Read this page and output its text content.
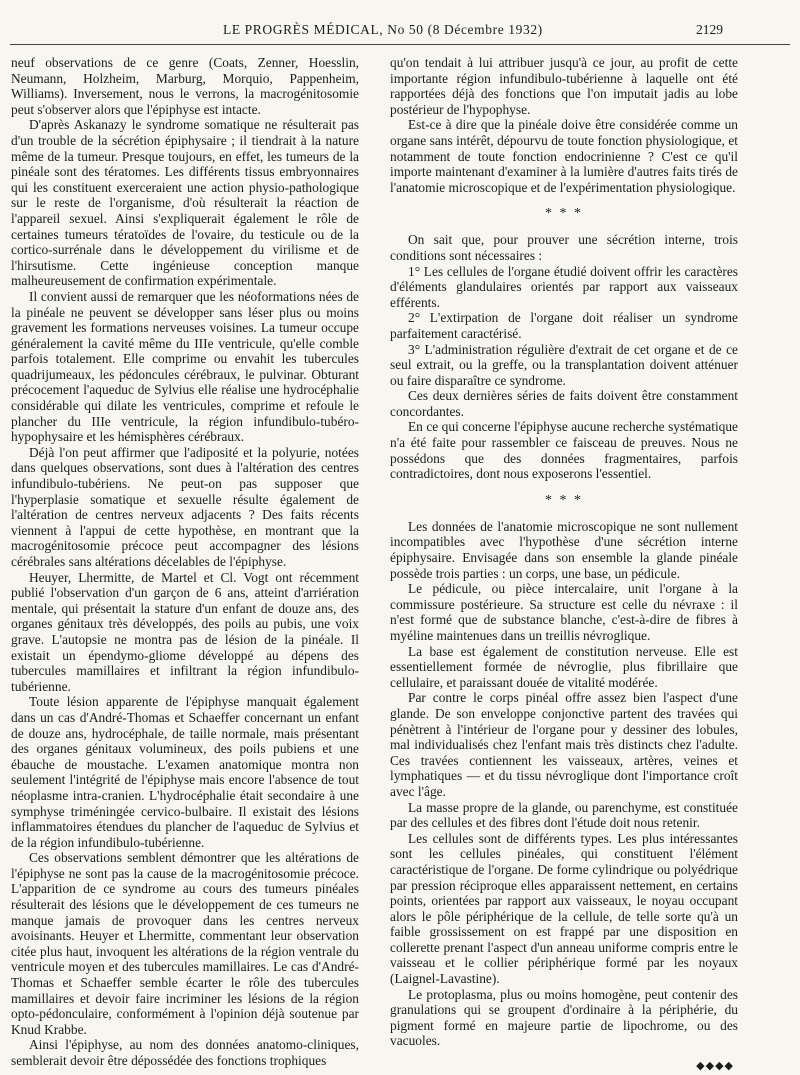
LE PROGRÈS MÉDICAL, No 50 (8 Décembre 1932)	2129

neuf observations de ce genre (Coats, Zenner, Hoesslin, Neumann, Holzheim, Marburg, Morquio, Pappenheim, Williams). Inversement, nous le verrons, la macrogénitosomie peut s'observer alors que l'épiphyse est intacte.

D'après Askanazy le syndrome somatique ne résulterait pas d'un trouble de la sécrétion épiphysaire ; il tiendrait à la nature même de la tumeur. Presque toujours, en effet, les tumeurs de la pinéale sont des tératomes. Les différents tissus embryonnaires qui les constituent exerceraient une action physio-pathologique sur le reste de l'organisme, d'où résulterait la réaction de l'appareil sexuel. Ainsi s'expliquerait également le rôle de certaines tumeurs tératoïdes de l'ovaire, du testicule ou de la cortico-surrénale dans le développement du virilisme et de l'hirsutisme. Cette ingénieuse conception manque malheureusement de confirmation expérimentale.

Il convient aussi de remarquer que les néoformations nées de la pinéale ne peuvent se développer sans léser plus ou moins gravement les formations nerveuses voisines. La tumeur occupe généralement la cavité même du IIIe ventricule, qu'elle comble parfois totalement. Elle comprime ou envahit les tubercules quadrijumeaux, les pédoncules cérébraux, le pulvinar. Obturant précocement l'aqueduc de Sylvius elle réalise une hydrocéphalie considérable qui dilate les ventricules, comprime et refoule le plancher du IIIe ventricule, la région infundibulo-tubéro-hypophysaire et les hémisphères cérébraux.

Déjà l'on peut affirmer que l'adiposité et la polyurie, notées dans quelques observations, sont dues à l'altération des centres infundibulo-tubériens. Ne peut-on pas supposer que l'hyperplasie somatique et sexuelle résulte également de l'altération de centres nerveux adjacents ? Des faits récents viennent à l'appui de cette hypothèse, en montrant que la macrogénitosomie précoce peut accompagner des lésions cérébrales sans altérations décelables de l'épiphyse.

Heuyer, Lhermitte, de Martel et Cl. Vogt ont récemment publié l'observation d'un garçon de 6 ans, atteint d'arriération mentale, qui présentait la stature d'un enfant de douze ans, des organes génitaux très développés, des poils au pubis, une voix grave. L'autopsie ne montra pas de lésion de la pinéale. Il existait un épendymo-gliome développé au dépens des tubercules mamillaires et infiltrant la région infundibulo-tubérienne.

Toute lésion apparente de l'épiphyse manquait également dans un cas d'André-Thomas et Schaeffer concernant un enfant de douze ans, hydrocéphale, de taille normale, mais présentant des organes génitaux volumineux, des poils pubiens et une ébauche de moustache. L'examen anatomique montra non seulement l'intégrité de l'épiphyse mais encore l'absence de tout néoplasme intra-cranien. L'hydrocéphalie était secondaire à une symphyse triméningée cervico-bulbaire. Il existait des lésions inflammatoires étendues du plancher de l'aqueduc de Sylvius et de la région infundibulo-tubérienne.

Ces observations semblent démontrer que les altérations de l'épiphyse ne sont pas la cause de la macrogénitosomie précoce. L'apparition de ce syndrome au cours des tumeurs pinéales résulterait des lésions que le développement de ces tumeurs ne manque jamais de provoquer dans les centres nerveux avoisinants. Heuyer et Lhermitte, commentant leur observation citée plus haut, invoquent les altérations de la région ventrale du ventricule moyen et des tubercules mamillaires. Le cas d'André-Thomas et Schaeffer semble écarter le rôle des tubercules mamillaires et devoir faire incriminer les lésions de la région opto-pédonculaire, conformément à l'opinion déjà soutenue par Knud Krabbe.

Ainsi l'épiphyse, au nom des données anatomo-cliniques, semblerait devoir être dépossédée des fonctions trophiques

qu'on tendait à lui attribuer jusqu'à ce jour, au profit de cette importante région infundibulo-tubérienne à laquelle ont été rapportées déjà des fonctions que l'on imputait jadis au lobe postérieur de l'hypophyse.

Est-ce à dire que la pinéale doive être considérée comme un organe sans intérêt, dépourvu de toute fonction physiologique, et notamment de toute fonction endocrinienne ? C'est ce qu'il importe maintenant d'examiner à la lumière d'autres faits tirés de l'anatomie microscopique et de l'expérimentation physiologique.

* * *

On sait que, pour prouver une sécrétion interne, trois conditions sont nécessaires :

1° Les cellules de l'organe étudié doivent offrir les caractères d'éléments glandulaires orientés par rapport aux vaisseaux efférents.

2° L'extirpation de l'organe doit réaliser un syndrome parfaitement caractérisé.

3° L'administration régulière d'extrait de cet organe et de ce seul extrait, ou la greffe, ou la transplantation doivent atténuer ou faire disparaître ce syndrome.

Ces deux dernières séries de faits doivent être constamment concordantes.

En ce qui concerne l'épiphyse aucune recherche systématique n'a été faite pour rassembler ce faisceau de preuves. Nous ne possédons que des données fragmentaires, parfois contradictoires, dont nous exposerons l'essentiel.

* * *

Les données de l'anatomie microscopique ne sont nullement incompatibles avec l'hypothèse d'une sécrétion interne épiphysaire. Envisagée dans son ensemble la glande pinéale possède trois parties : un corps, une base, un pédicule.

Le pédicule, ou pièce intercalaire, unit l'organe à la commissure postérieure. Sa structure est celle du névraxe : il n'est formé que de substance blanche, c'est-à-dire de fibres à myéline maintenues dans un treillis névroglique.

La base est également de constitution nerveuse. Elle est essentiellement formée de névroglie, plus fibrillaire que cellulaire, et paraissant douée de vitalité modérée.

Par contre le corps pinéal offre assez bien l'aspect d'une glande. De son enveloppe conjonctive partent des travées qui pénètrent à l'intérieur de l'organe pour y dessiner des lobules, mal individualisés chez l'enfant mais très distincts chez l'adulte. Ces travées contiennent les vaisseaux, artères, veines et lymphatiques — et du tissu névroglique dont l'importance croît avec l'âge.

La masse propre de la glande, ou parenchyme, est constituée par des cellules et des fibres dont l'étude doit nous retenir.

Les cellules sont de différents types. Les plus intéressantes sont les cellules pinéales, qui constituent l'élément caractéristique de l'organe. De forme cylindrique ou polyédrique par pression réciproque elles apparaissent nettement, en certains points, orientées par rapport aux vaisseaux, le noyau occupant alors le pôle périphérique de la cellule, de telle sorte qu'à un faible grossissement on est frappé par une disposition en collerette prenant l'aspect d'un anneau uniforme compris entre le vaisseau et le collier périphérique formé par les noyaux (Laignel-Lavastine).

Le protoplasma, plus ou moins homogène, peut contenir des granulations qui se groupent d'ordinaire à la périphérie, du pigment formé en majeure partie de lipochrome, ou des vacuoles.

◆◆◆◆
